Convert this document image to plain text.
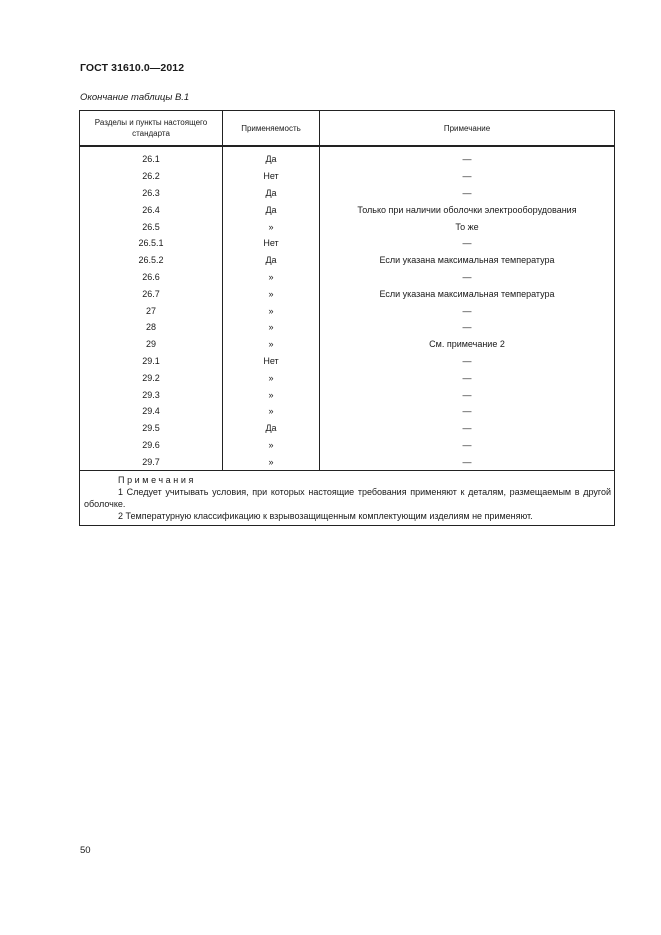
ГОСТ 31610.0—2012
Окончание таблицы В.1
Разделы и пункты настоящего стандарта	Применяемость	Примечание

26.1	Да	—
26.2	Нет	—
26.3	Да	—
26.4	Да	Только при наличии оболочки электрооборудования
26.5	»	То же
26.5.1	Нет	—
26.5.2	Да	Если указана максимальная температура
26.6	»	—
26.7	»	Если указана максимальная температура
27	»	—
28	»	—
29	»	См. примечание 2
29.1	Нет	—
29.2	»	—
29.3	»	—
29.4	»	—
29.5	Да	—
29.6	»	—
29.7	»	—

Примечания
1 Следует учитывать условия, при которых настоящие требования применяют к деталям, размещаемым в другой оболочке.
2 Температурную классификацию к взрывозащищенным комплектующим изделиям не применяют.		
50
